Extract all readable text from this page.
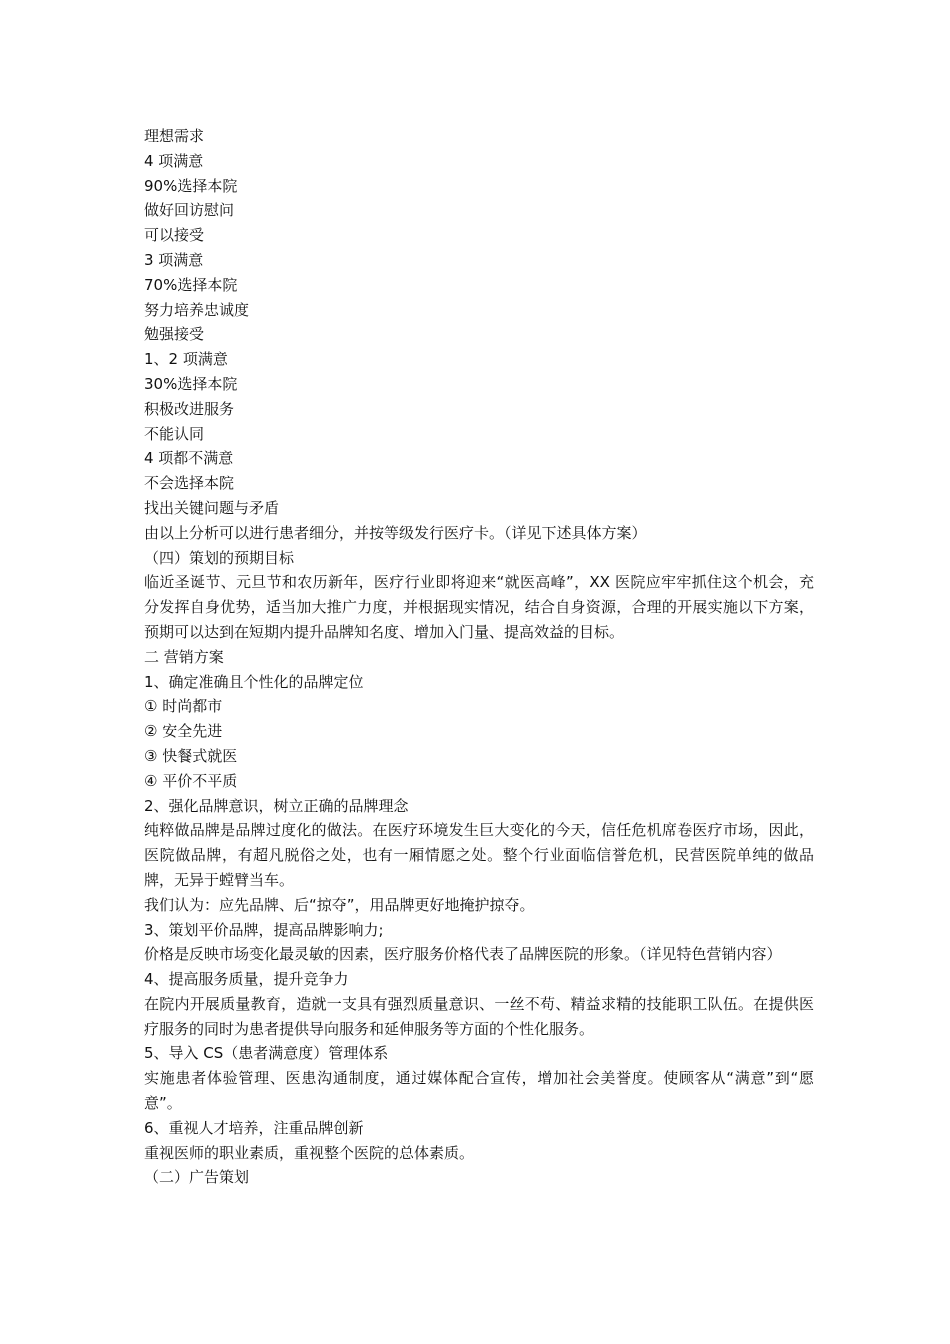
理想需求
4 项满意
90%选择本院
做好回访慰问
可以接受
3 项满意
70%选择本院
努力培养忠诚度
勉强接受
1、2 项满意
30%选择本院
积极改进服务
不能认同
4 项都不满意
不会选择本院
找出关键问题与矛盾
由以上分析可以进行患者细分，并按等级发行医疗卡。（详见下述具体方案）
（四）策划的预期目标
临近圣诞节、元旦节和农历新年，医疗行业即将迎来“就医高峰”，XX 医院应牢牢抓住这个机会，充分发挥自身优势，适当加大推广力度，并根据现实情况，结合自身资源，合理的开展实施以下方案，预期可以达到在短期内提升品牌知名度、增加入门量、提高效益的目标。
二 营销方案
1、确定准确且个性化的品牌定位
① 时尚都市
② 安全先进
③ 快餐式就医
④ 平价不平质
2、强化品牌意识，树立正确的品牌理念
纯粹做品牌是品牌过度化的做法。在医疗环境发生巨大变化的今天，信任危机席卷医疗市场，因此，医院做品牌，有超凡脱俗之处，也有一厢情愿之处。整个行业面临信誉危机，民营医院单纯的做品牌，无异于螳臂当车。
我们认为：应先品牌、后“掠夺”，用品牌更好地掩护掠夺。
3、策划平价品牌，提高品牌影响力;
价格是反映市场变化最灵敏的因素，医疗服务价格代表了品牌医院的形象。（详见特色营销内容）
4、提高服务质量，提升竞争力
在院内开展质量教育，造就一支具有强烈质量意识、一丝不苟、精益求精的技能职工队伍。在提供医疗服务的同时为患者提供导向服务和延伸服务等方面的个性化服务。
5、导入 CS（患者满意度）管理体系
实施患者体验管理、医患沟通制度，通过媒体配合宣传，增加社会美誉度。使顾客从“满意”到“愿意”。
6、重视人才培养，注重品牌创新
重视医师的职业素质，重视整个医院的总体素质。
（二）广告策划
